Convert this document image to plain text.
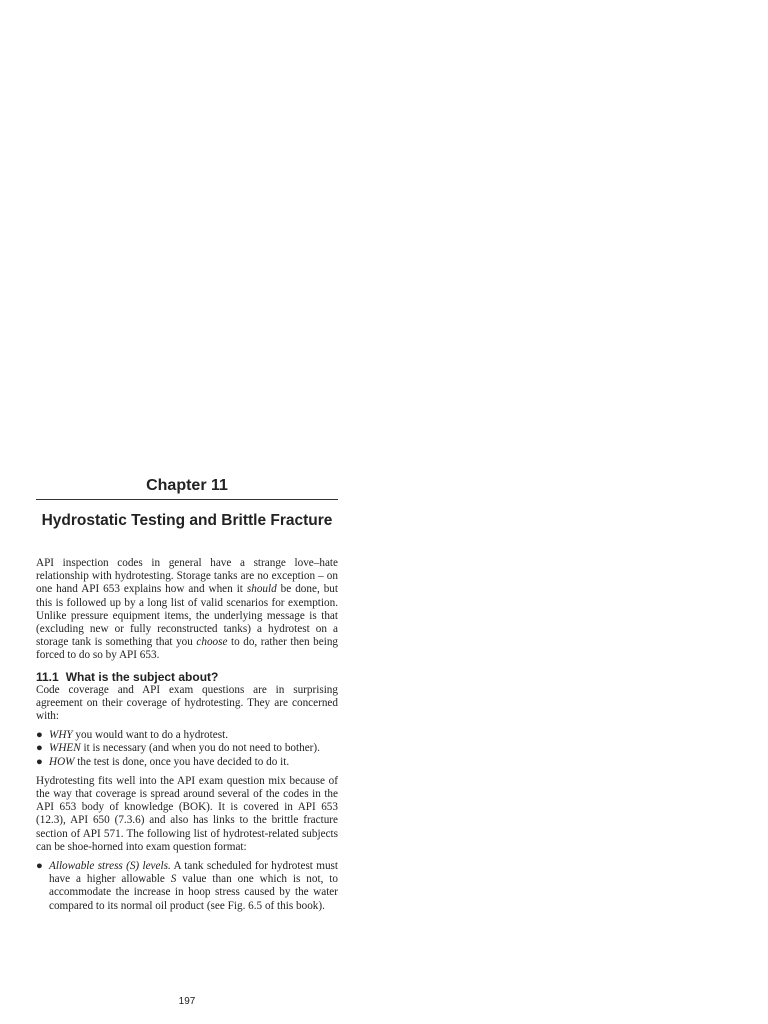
Chapter 11
Hydrostatic Testing and Brittle Fracture

API inspection codes in general have a strange love–hate relationship with hydrotesting. Storage tanks are no exception – on one hand API 653 explains how and when it should be done, but this is followed up by a long list of valid scenarios for exemption. Unlike pressure equipment items, the underlying message is that (excluding new or fully reconstructed tanks) a hydrotest on a storage tank is something that you choose to do, rather then being forced to do so by API 653.

11.1 What is the subject about?

Code coverage and API exam questions are in surprising agreement on their coverage of hydrotesting. They are concerned with:

● WHY you would want to do a hydrotest.
● WHEN it is necessary (and when you do not need to bother).
● HOW the test is done, once you have decided to do it.

Hydrotesting fits well into the API exam question mix because of the way that coverage is spread around several of the codes in the API 653 body of knowledge (BOK). It is covered in API 653 (12.3), API 650 (7.3.6) and also has links to the brittle fracture section of API 571. The following list of hydrotest-related subjects can be shoe-horned into exam question format:

● Allowable stress (S) levels. A tank scheduled for hydrotest must have a higher allowable S value than one which is not, to accommodate the increase in hoop stress caused by the water compared to its normal oil product (see Fig. 6.5 of this book).
197
